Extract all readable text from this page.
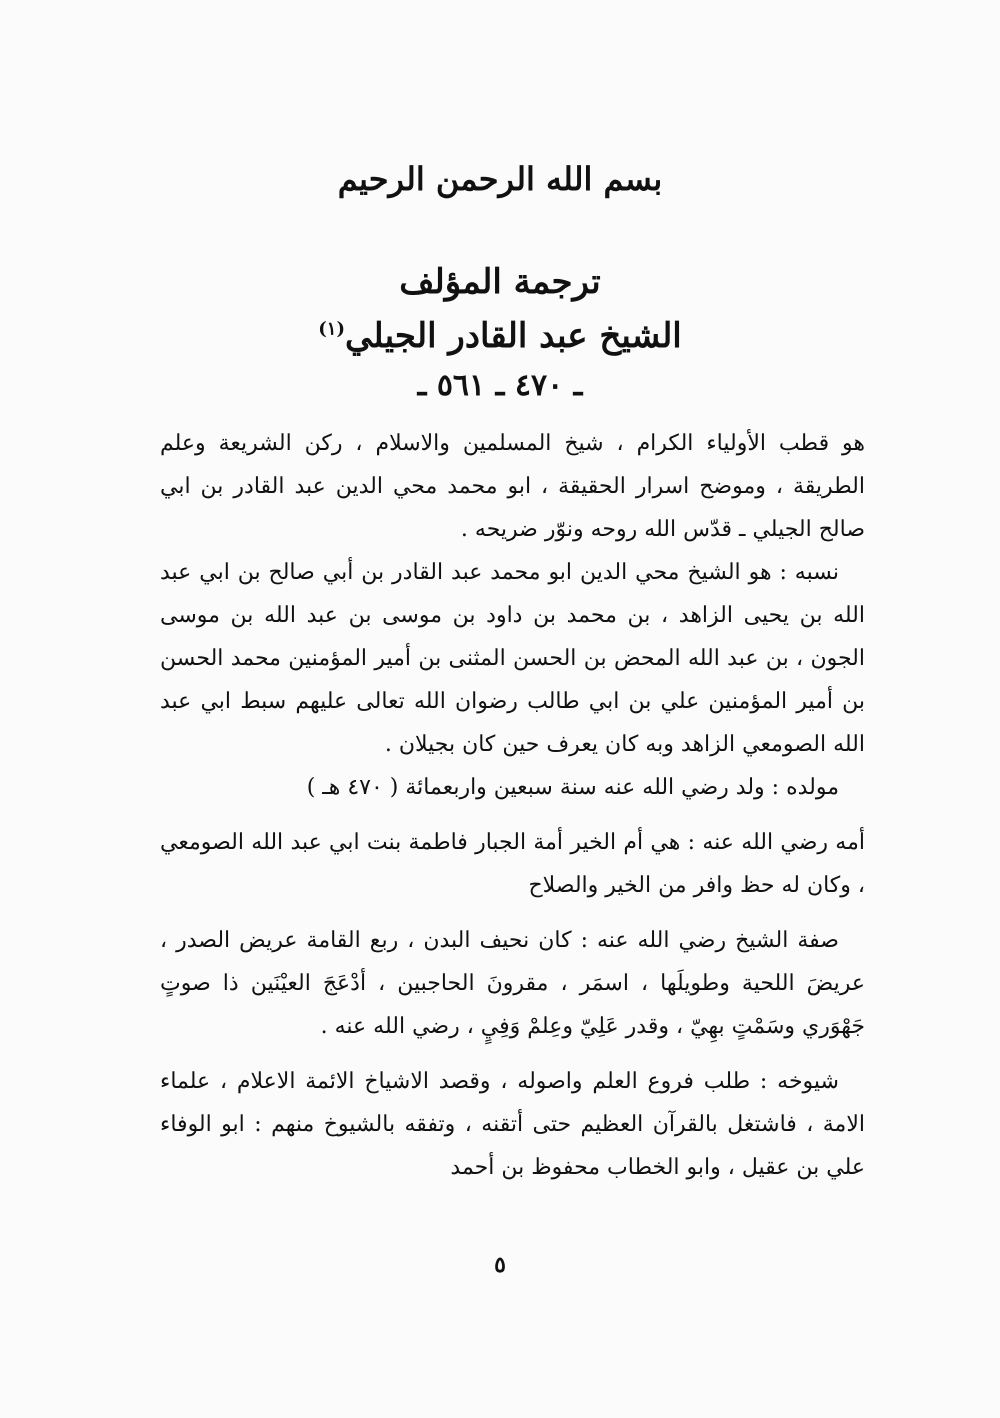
بسم الله الرحمن الرحيم
ترجمة المؤلف
الشيخ عبد القادر الجيلي$^{(١)}$
ـ ٤٧٠ ـ ٥٦١ ـ

هو قطب الأولياء الكرام ، شيخ المسلمين والاسلام ، ركن الشريعة وعلم الطريقة ، وموضح اسرار الحقيقة ، ابو محمد محي الدين عبد القادر بن ابي صالح الجيلي ـ قدّس الله روحه ونوّر ضريحه .

نسبه : هو الشيخ محي الدين ابو محمد عبد القادر بن أبي صالح بن ابي عبد الله بن يحيى الزاهد ، بن محمد بن داود بن موسى بن عبد الله بن موسى الجون ، بن عبد الله المحض بن الحسن المثنى بن أمير المؤمنين محمد الحسن بن أمير المؤمنين علي بن ابي طالب رضوان الله تعالى عليهم سبط ابي عبد الله الصومعي الزاهد وبه كان يعرف حين كان بجيلان .

مولده : ولد رضي الله عنه سنة سبعين واربعمائة ( ٤٧٠ هـ )

أمه رضي الله عنه : هي أم الخير أمة الجبار فاطمة بنت ابي عبد الله الصومعي ، وكان له حظ وافر من الخير والصلاح

صفة الشيخ رضي الله عنه : كان نحيف البدن ، ربع القامة عريض الصدر ، عريضَ اللحية وطويلَها ، اسمَر ، مقرونَ الحاجبين ، أدْعَجَ العيْنَين ذا صوتٍ جَهْوَري وسَمْتٍ بهِيّ ، وقدر عَلِيّ وعِلمْ وَفِيٍ ، رضي الله عنه .

شيوخه : طلب فروع العلم واصوله ، وقصد الاشياخ الائمة الاعلام ، علماء الامة ، فاشتغل بالقرآن العظيم حتى أتقنه ، وتفقه بالشيوخ منهم : ابو الوفاء علي بن عقيل ، وابو الخطاب محفوظ بن أحمد

٥
